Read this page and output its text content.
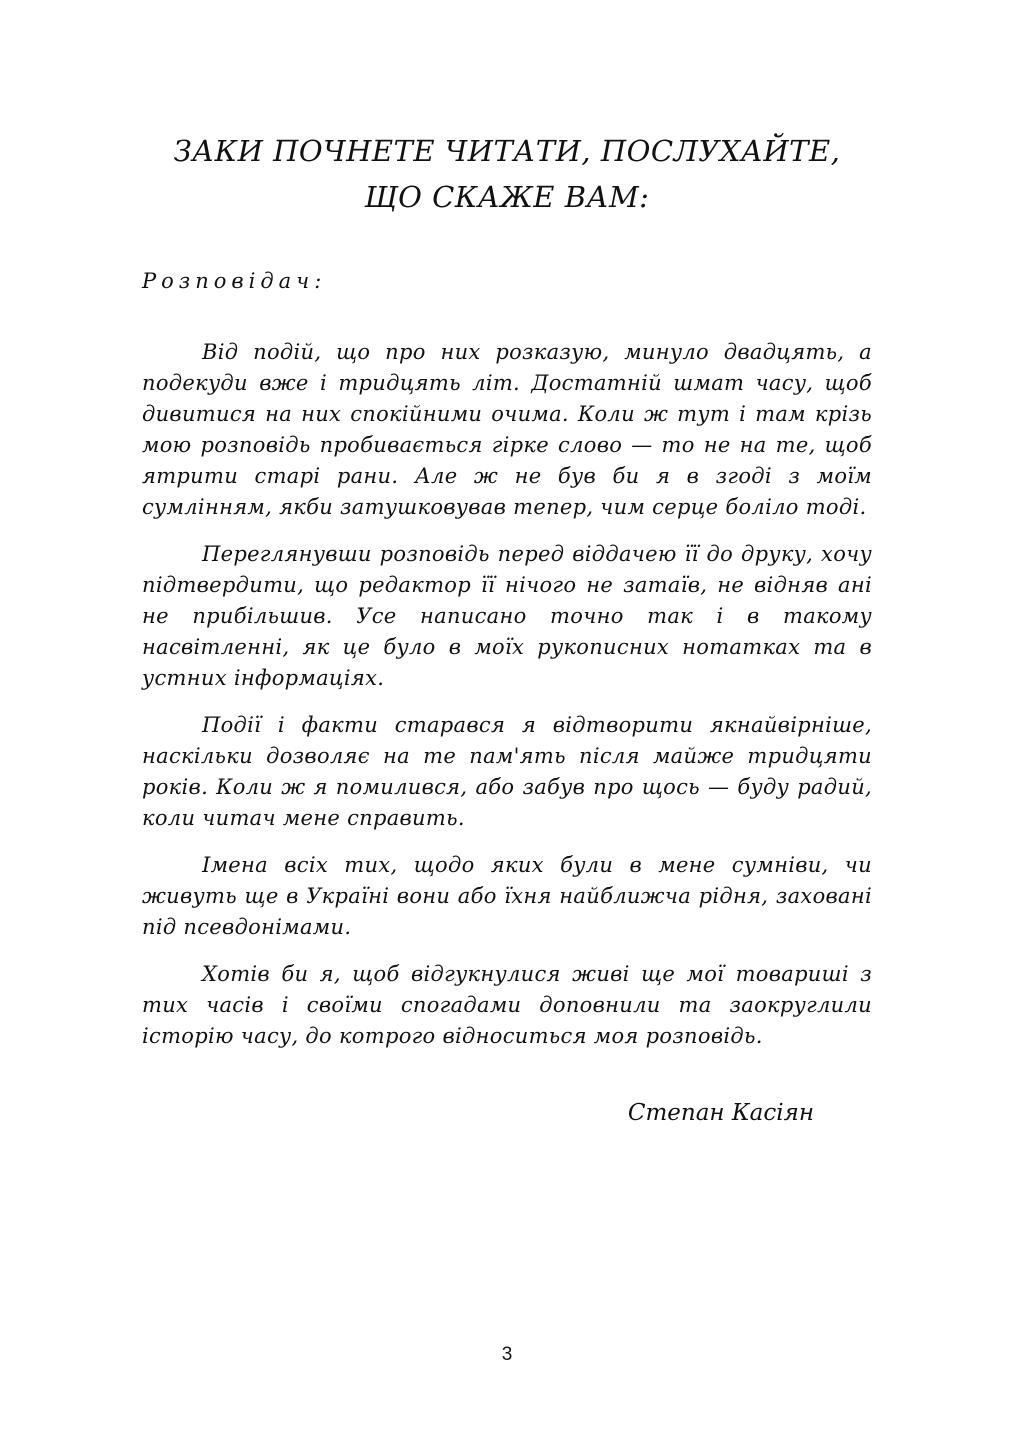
ЗАКИ ПОЧНЕТЕ ЧИТАТИ, ПОСЛУХАЙТЕ,
ЩО СКАЖЕ ВАМ:

Розповідач:

Від подій, що про них розказую, минуло двадцять, а подекуди вже і тридцять літ. Достатній шмат часу, щоб дивитися на них спокійними очима. Коли ж тут і там крізь мою розповідь пробивається гірке слово — то не на те, щоб ятрити старі рани. Але ж не був би я в згоді з моїм сумлінням, якби затушковував тепер, чим серце боліло тоді.

Переглянувши розповідь перед віддачею її до друку, хочу підтвердити, що редактор її нічого не затаїв, не відняв ані не прибільшив. Усе написано точно так і в такому насвітленні, як це було в моїх рукописних нотатках та в устних інформаціях.

Події і факти старався я відтворити якнайвірніше, наскільки дозволяє на те пам'ять після майже тридцяти років. Коли ж я помилився, або забув про щось — буду радий, коли читач мене справить.

Імена всіх тих, щодо яких були в мене сумніви, чи живуть ще в Україні вони або їхня найближча рідня, заховані під псевдонімами.

Хотів би я, щоб відгукнулися живі ще мої товариші з тих часів і своїми спогадами доповнили та заокруглили історію часу, до котрого відноситься моя розповідь.

Степан Касіян

3
